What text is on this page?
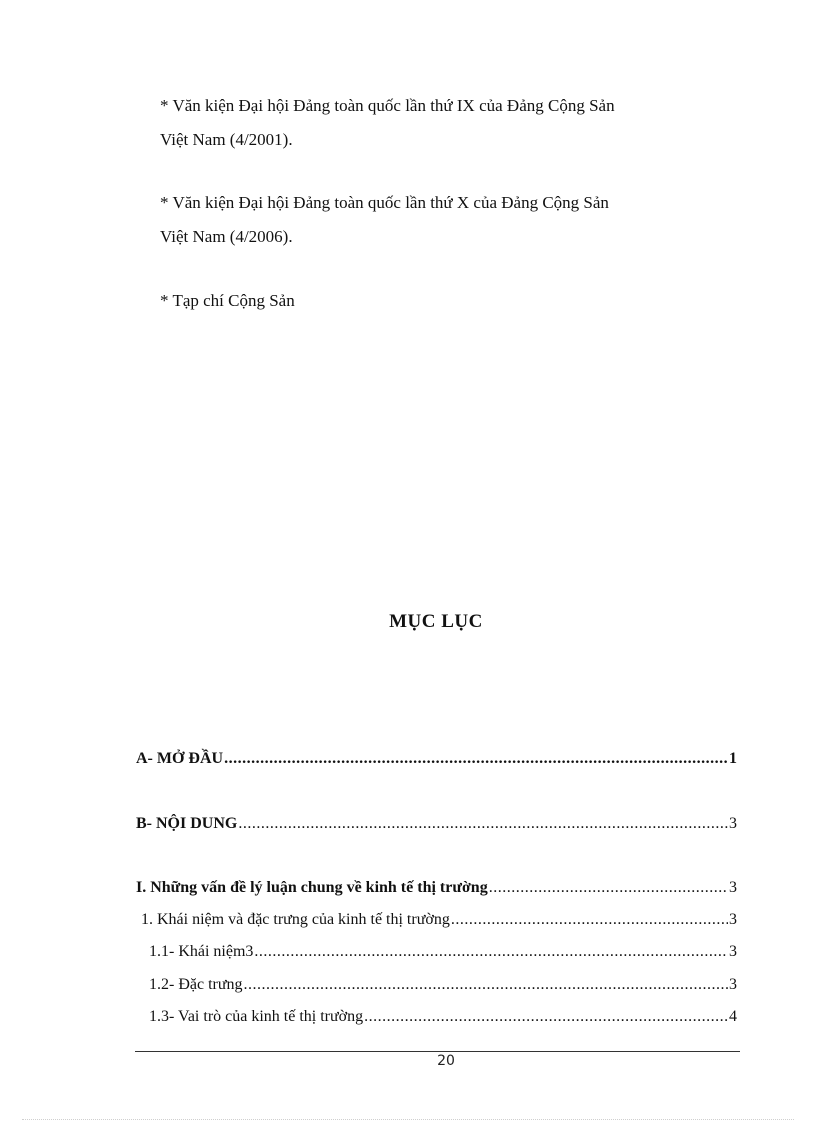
* Văn kiện Đại hội Đảng toàn quốc lần thứ IX của Đảng Cộng Sản
Việt Nam (4/2001).

* Văn kiện Đại hội Đảng toàn quốc lần thứ X của Đảng Cộng Sản
Việt Nam (4/2006).

* Tạp chí Cộng Sản

MỤC LỤC
A- MỞ ĐẦU .....	1
B- NỘI DUNG .....	3
I. Những vấn đề lý luận chung về kinh tế thị trường .....	3
1. Khái niệm và đặc trưng của kinh tế thị trường .....	3
1.1- Khái niệm3 .....	3
1.2- Đặc trưng .....	3
1.3- Vai trò của kinh tế thị trường .....	4
20
